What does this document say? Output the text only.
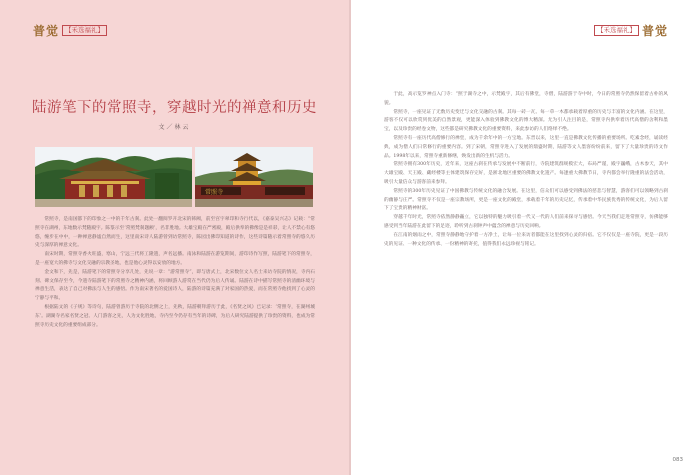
普觉 【禾选福礼】
陆游笔下的常照寺，穿越时光的禅意和历史
文／林云
常照寺

常照寺，是南国都下的印象之一中的千年古刹。此处一翻阅罗开北宋的韩阙，前至宫宇翠印和寺行代以，《嘉泰吴兴志》记载：“常照寺在湖州，东地数示梵随殿宇。陈篆示至‘常照梵刹题额’，名非胜地。大雄宝殿在严密殿，殿后供奉的佛像是是祥彩，让人不禁心有悠悠，缠步在中中，一种禅意静谧自然而生，这里南宋诗人陆游曾到访常照寺，陈园出佛印知道的诗作，这些诗篇随示着常照寺的悠久历史与深厚的禅意文化。

南宋时期，常照寺香火旺盛，寒山，宁远三代将工隆遗，声名远播。南泳和陆游在游览期间，游印诗作写照，陆游笔下的常照寺，是一座宽大的佛寺与文化交融的宗教圣地，也是他心灵得以安放的地方。

金文和下，先是，陆游笔下的常照寺分享几处，先说一章：“游常照寺”，即与唐式上，北宋数位文人名士来访寺院的情况，寺内石刻、碑文保存至今，今遗寺陆游笔下的常照寺之精神内涵，将回顾游人游赏在当代仍为后人传诵。陆游在诗中描写常照寺的清幽环境与禅意生活，表达了自己对佛法与人生的感悟。作为南宋著名的爱国诗人，陆游的诗篇充满了对家国的热爱，而在常照寺他找到了心灵的宁静与平和。

根据陆文的《子规》等诗句，陆游曾游历于寺院的北侧之上，先秋，陆游朝拜游历于此，《名贤之风》已记录：‘常照寺，在湖州城东’。湖湖寺名家名贤之冠、人门游客之先，人为文化胜地，寺内至今仍存有当年的诗碑，为后人研究陆游提供了珍贵的资料，也成为常照寺历史文化的重要组成部分。

【禾选福礼】 普觉

于此，高示览罗神点入门寺：“照于湖寺之中，示梵殿宇，其后有佛堂，寺僧，陆游游于寺中时，今日的常照寺仍然保留着古朴的风貌。

常照寺，一座见证了无数历史变迁与文化交融的古刹。其每一砖一瓦、每一草一木都承载着厚重的历史与丰富的文化内涵。在这里，游客不仅可以欣赏到优美的自然景观，更能深入体验到佛教文化的博大精深。尤为引人注目的是，常照寺内供奉着历代高僧的舍利和墨宝，以及珍贵的经卷文物，这些都是研究佛教文化的重要资料，来此参访的人们络绎不绝。

常照寺有一座历代高僧修行的禅堂，成为千余年中的一方宝地。东晋以来，这里一直是佛教文化传播的重要场所。吃素念经，诵读经典，成为僧人们日常修行的重要内容。到了宋朝，常照寺进入了发展的鼎盛时期，陆游等文人墨客纷纷前来，留下了大量珍贵的诗文作品。1998年以来，常照寺重新修缮，焕发出新的生机与活力。

常照寺拥有300年历史，近年来，这座古刹在传承与发展中不断前行，寺院建筑群规模宏大，布局严谨，殿宇巍峨，古木参天，其中大雄宝殿、天王殿、藏经楼等主体建筑保存完好，是浙北地区重要的佛教文化遗产。每逢重大佛教节日，寺内都会举行隆重的法会活动，吸引大量信众与游客前来参拜。

常照寺的300年历史见证了中国佛教与传统文化的融合发展。在这里，信众们可以感受到佛法的慈悲与智慧，游客们可以领略到古刹的幽静与庄严。常照寺不仅是一座宗教场所，更是一座文化的殿堂，承载着千年的历史记忆，传承着中华民族优秀的传统文化，为后人留下了宝贵的精神财富。

穿越千年时光，常照寺依然静静矗立，它以独特的魅力吸引着一代又一代的人们前来探寻与感悟。今天当我们走进常照寺，仿佛能够感受到当年陆游在此留下的足迹，聆听到古刹钟声中蕴含的禅意与历史回响。

在江南的烟雨之中，常照寺静静地守护着一方净土，让每一位来访者都能在这里找到心灵的归宿。它不仅仅是一座寺院，更是一段历史的见证、一种文化的传承、一份精神的寄托，值得我们永远珍视与铭记。

083
